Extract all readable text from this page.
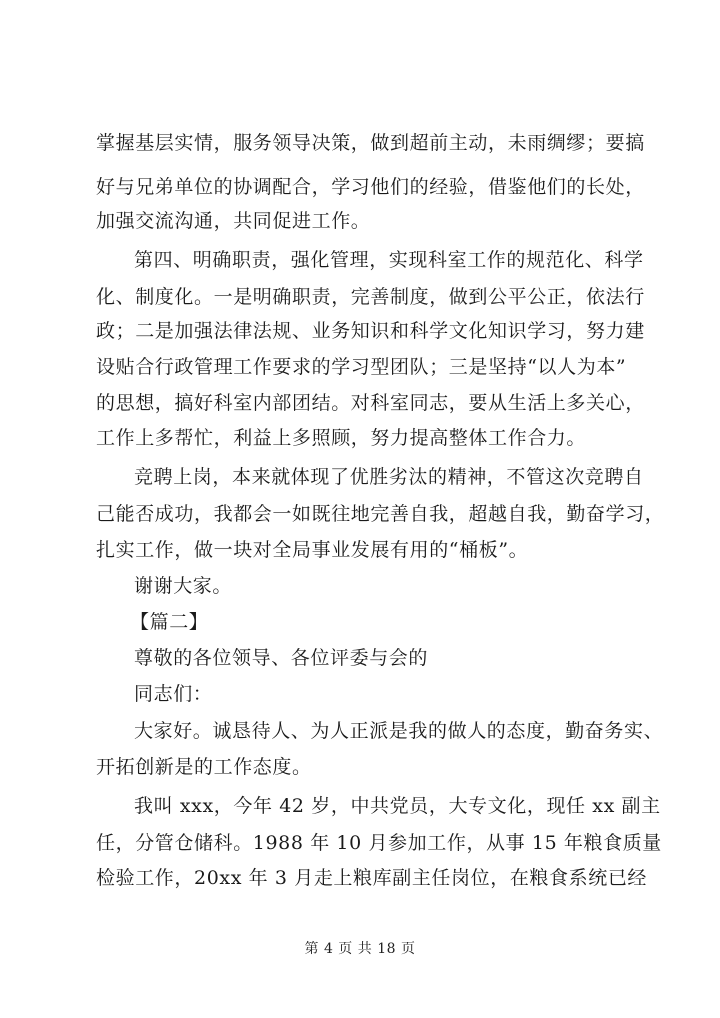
掌握基层实情，服务领导决策，做到超前主动，未雨绸缪；要搞
好与兄弟单位的协调配合，学习他们的经验，借鉴他们的长处，
加强交流沟通，共同促进工作。
第四、明确职责，强化管理，实现科室工作的规范化、科学
化、制度化。一是明确职责，完善制度，做到公平公正，依法行
政；二是加强法律法规、业务知识和科学文化知识学习，努力建
设贴合行政管理工作要求的学习型团队；三是坚持“以人为本”
的思想，搞好科室内部团结。对科室同志，要从生活上多关心，
工作上多帮忙，利益上多照顾，努力提高整体工作合力。
竞聘上岗，本来就体现了优胜劣汰的精神，不管这次竞聘自
己能否成功，我都会一如既往地完善自我，超越自我，勤奋学习，
扎实工作，做一块对全局事业发展有用的“桶板”。
谢谢大家。
【篇二】
尊敬的各位领导、各位评委与会的
同志们：
大家好。诚恳待人、为人正派是我的做人的态度，勤奋务实、
开拓创新是的工作态度。
我叫 xxx，今年 42 岁，中共党员，大专文化，现任 xx 副主
任，分管仓储科。1988 年 10 月参加工作，从事 15 年粮食质量
检验工作，20xx 年 3 月走上粮库副主任岗位，在粮食系统已经
第 4 页 共 18 页
